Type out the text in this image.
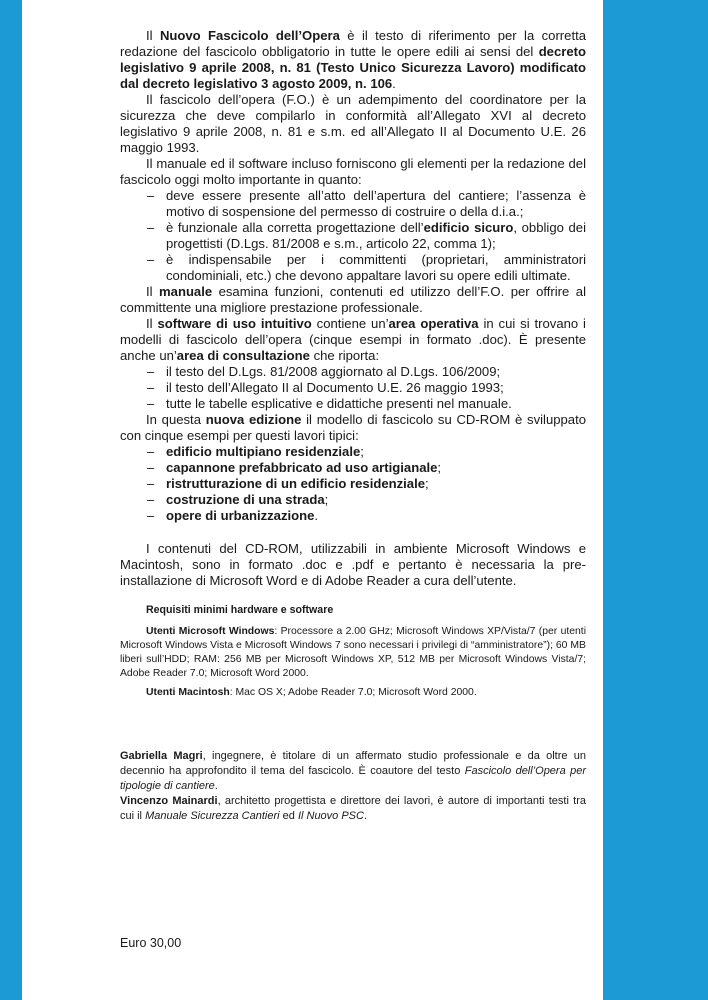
Il Nuovo Fascicolo dell’Opera è il testo di riferimento per la corretta redazione del fascicolo obbligatorio in tutte le opere edili ai sensi del decreto legislativo 9 aprile 2008, n. 81 (Testo Unico Sicurezza Lavoro) modificato dal decreto legislativo 3 agosto 2009, n. 106.

Il fascicolo dell’opera (F.O.) è un adempimento del coordinatore per la sicurezza che deve compilarlo in conformità all’Allegato XVI al decreto legislativo 9 aprile 2008, n. 81 e s.m. ed all’Allegato II al Documento U.E. 26 maggio 1993.

Il manuale ed il software incluso forniscono gli elementi per la redazione del fascicolo oggi molto importante in quanto:

– deve essere presente all’atto dell’apertura del cantiere; l’assenza è motivo di sospensione del permesso di costruire o della d.i.a.;
– è funzionale alla corretta progettazione dell’edificio sicuro, obbligo dei progettisti (D.Lgs. 81/2008 e s.m., articolo 22, comma 1);
– è indispensabile per i committenti (proprietari, amministratori condominiali, etc.) che devono appaltare lavori su opere edili ultimate.

Il manuale esamina funzioni, contenuti ed utilizzo dell’F.O. per offrire al committente una migliore prestazione professionale.

Il software di uso intuitivo contiene un’area operativa in cui si trovano i modelli di fascicolo dell’opera (cinque esempi in formato .doc). È presente anche un’area di consultazione che riporta:

– il testo del D.Lgs. 81/2008 aggiornato al D.Lgs. 106/2009;
– il testo dell’Allegato II al Documento U.E. 26 maggio 1993;
– tutte le tabelle esplicative e didattiche presenti nel manuale.

In questa nuova edizione il modello di fascicolo su CD-ROM è sviluppato con cinque esempi per questi lavori tipici:

– edificio multipiano residenziale;
– capannone prefabbricato ad uso artigianale;
– ristrutturazione di un edificio residenziale;
– costruzione di una strada;
– opere di urbanizzazione.

I contenuti del CD-ROM, utilizzabili in ambiente Microsoft Windows e Macintosh, sono in formato .doc e .pdf e pertanto è necessaria la pre-installazione di Microsoft Word e di Adobe Reader a cura dell’utente.

Requisiti minimi hardware e software

Utenti Microsoft Windows: Processore a 2.00 GHz; Microsoft Windows XP/Vista/7 (per utenti Microsoft Windows Vista e Microsoft Windows 7 sono necessari i privilegi di “amministratore”); 60 MB liberi sull’HDD; RAM: 256 MB per Microsoft Windows XP, 512 MB per Microsoft Windows Vista/7; Adobe Reader 7.0; Microsoft Word 2000.

Utenti Macintosh: Mac OS X; Adobe Reader 7.0; Microsoft Word 2000.

Gabriella Magri, ingegnere, è titolare di un affermato studio professionale e da oltre un decennio ha approfondito il tema del fascicolo. È coautore del testo Fascicolo dell’Opera per tipologie di cantiere.

Vincenzo Mainardi, architetto progettista e direttore dei lavori, è autore di importanti testi tra cui il Manuale Sicurezza Cantieri ed Il Nuovo PSC.

Euro 30,00
